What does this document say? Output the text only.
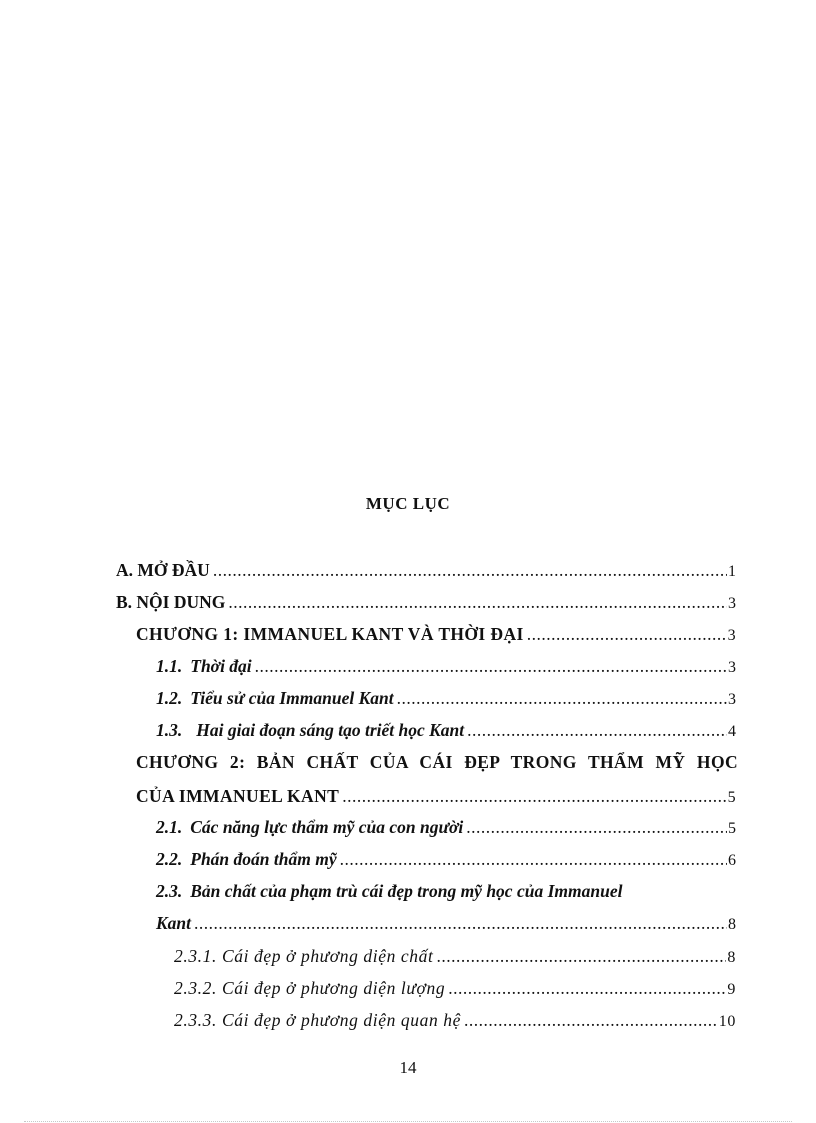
MỤC LỤC
A. MỞ ĐẦU .....	1
B. NỘI DUNG .....	3
CHƯƠNG 1: IMMANUEL KANT VÀ THỜI ĐẠI .....	3
1.1. Thời đại .....	3
1.2. Tiểu sử của Immanuel Kant .....	3
1.3. Hai giai đoạn sáng tạo triết học Kant .....	4
CHƯƠNG 2: BẢN CHẤT CỦA CÁI ĐẸP TRONG THẨM MỸ HỌC
CỦA IMMANUEL KANT .....	5
2.1. Các năng lực thẩm mỹ của con người .....	5
2.2. Phán đoán thẩm mỹ .....	6
2.3. Bản chất của phạm trù cái đẹp trong mỹ học của Immanuel
Kant .....	8
2.3.1. Cái đẹp ở phương diện chất .....	8
2.3.2. Cái đẹp ở phương diện lượng .....	9
2.3.3. Cái đẹp ở phương diện quan hệ .....	10
14
